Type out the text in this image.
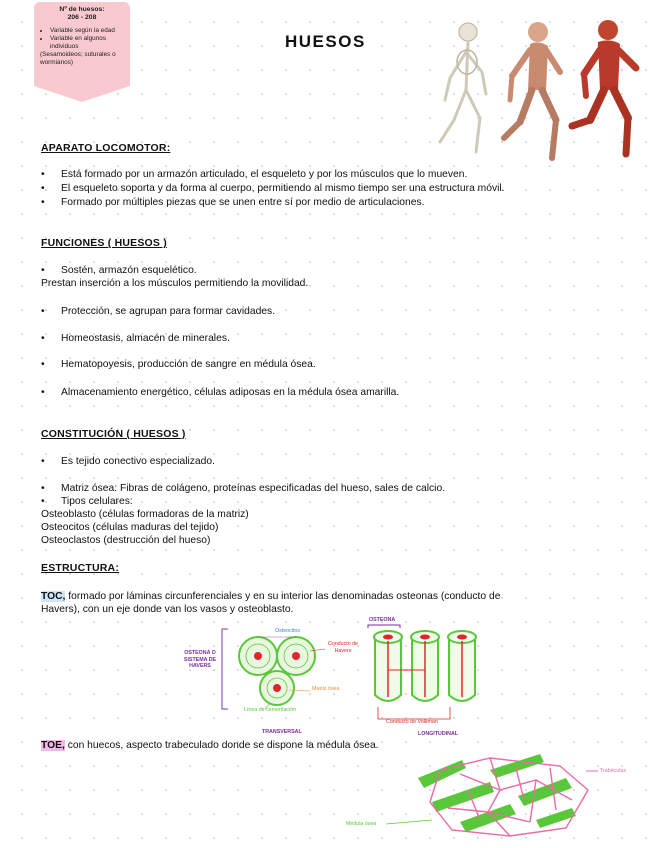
Nº de huesos:
206 - 208
• Variable según la edad
• Variable en algunos individuos
(Sesamoideos; suturales o wormianos)
HUESOS
APARATO LOCOMOTOR:
• Está formado por un armazón articulado, el esqueleto y por los músculos que lo mueven.
• El esqueleto soporta y da forma al cuerpo, permitiendo al mismo tiempo ser una estructura móvil.
• Formado por múltiples piezas que se unen entre sí por medio de articulaciones.
FUNCIONES ( HUESOS )
• Sostén, armazón esquelético.
Prestan inserción a los músculos permitiendo la movilidad.
• Protección, se agrupan para formar cavidades.
• Homeostasis, almacén de minerales.
• Hematopoyesis, producción de sangre en médula ósea.
• Almacenamiento energético, células adiposas en la médula ósea amarilla.
CONSTITUCIÓN ( HUESOS )
• Es tejido conectivo especializado.
• Matriz ósea: Fibras de colágeno, proteínas especificadas del hueso, sales de calcio.
• Tipos celulares:
Osteoblasto (células formadoras de la matriz)
Osteocitos (células maduras del tejido)
Osteoclastos (destrucción del hueso)
ESTRUCTURA:
TOC, formado por láminas circunferenciales y en su interior las denominadas osteonas (conducto de
Havers), con un eje donde van los vasos y osteoblasto.
OSTEONA O SISTEMA DE HAVERS
Osteocitos
Conducto de Havers
Matriz ósea
Línea de cementación
TRANSVERSAL
OSTEONA
Conducto de Volkman
LONGITUDINAL
TOE, con huecos, aspecto trabeculado donde se dispone la médula ósea.
Trabéculas
Médula ósea
